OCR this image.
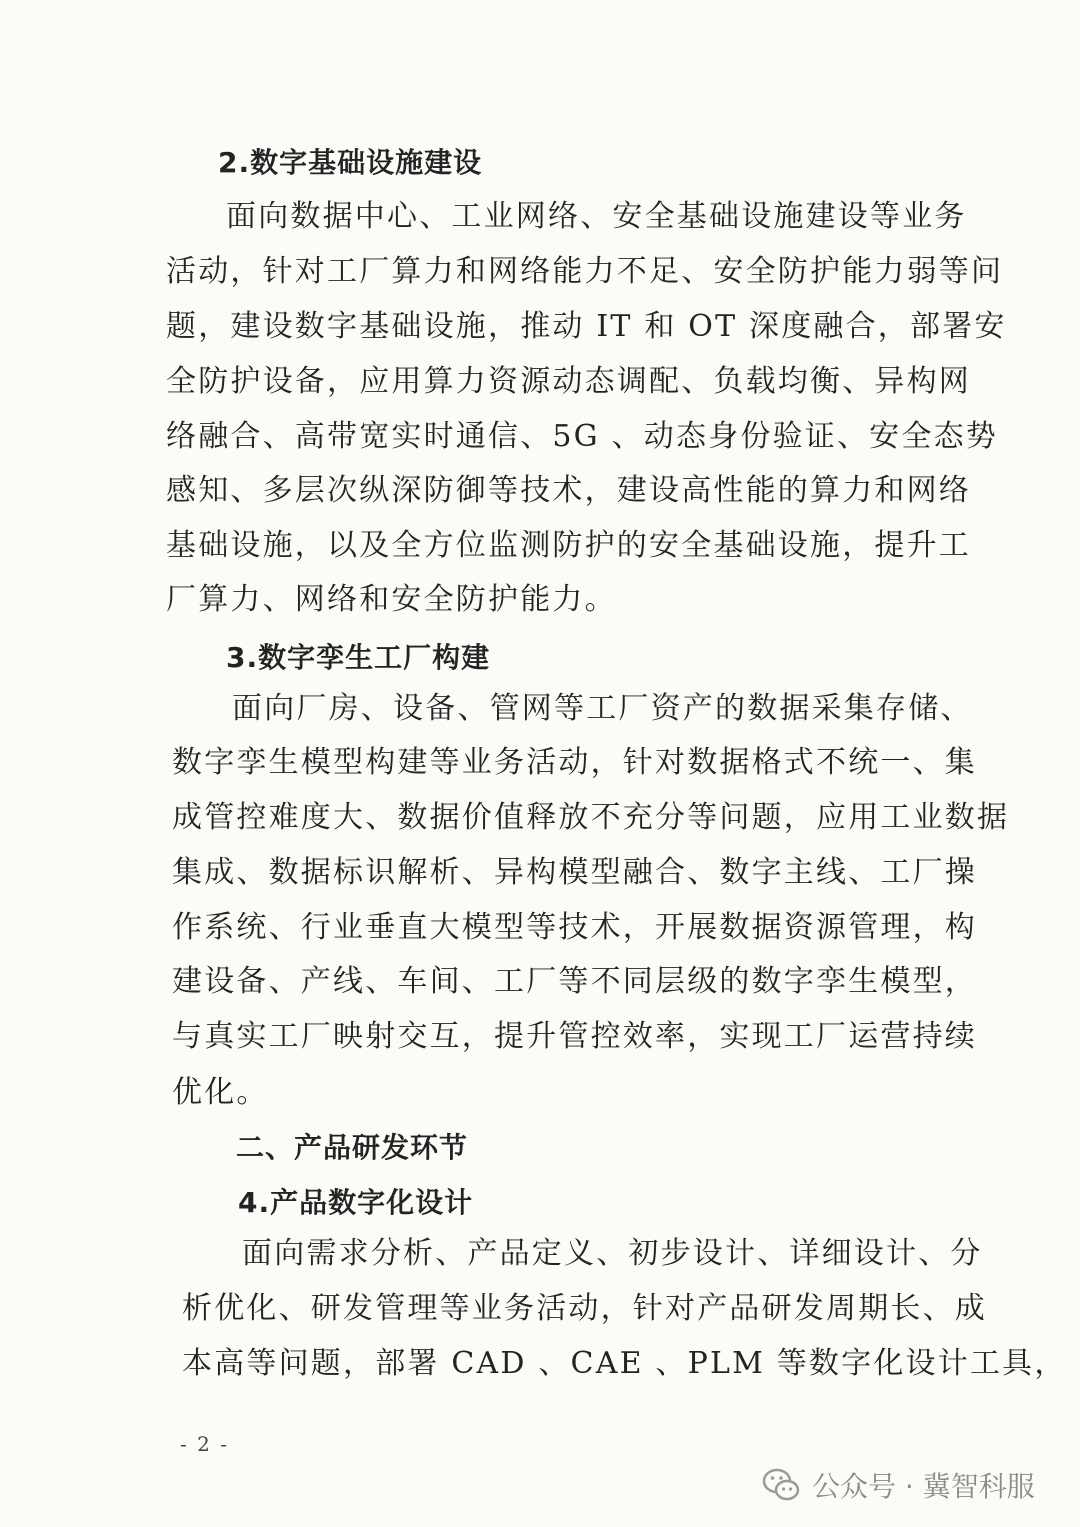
2.数字基础设施建设
面向数据中心、工业网络、安全基础设施建设等业务
活动，针对工厂算力和网络能力不足、安全防护能力弱等问
题，建设数字基础设施，推动 IT 和 OT 深度融合，部署安
全防护设备，应用算力资源动态调配、负载均衡、异构网
络融合、高带宽实时通信、5G 、动态身份验证、安全态势
感知、多层次纵深防御等技术，建设高性能的算力和网络
基础设施，以及全方位监测防护的安全基础设施，提升工
厂算力、网络和安全防护能力。
3.数字孪生工厂构建
面向厂房、设备、管网等工厂资产的数据采集存储、
数字孪生模型构建等业务活动，针对数据格式不统一、集
成管控难度大、数据价值释放不充分等问题，应用工业数据
集成、数据标识解析、异构模型融合、数字主线、工厂操
作系统、行业垂直大模型等技术，开展数据资源管理，构
建设备、产线、车间、工厂等不同层级的数字孪生模型，
与真实工厂映射交互，提升管控效率，实现工厂运营持续
优化。
二、产品研发环节
4.产品数字化设计
面向需求分析、产品定义、初步设计、详细设计、分
析优化、研发管理等业务活动，针对产品研发周期长、成
本高等问题，部署 CAD 、CAE 、PLM 等数字化设计工具，
- 2 -
公众号 · 冀智科服
